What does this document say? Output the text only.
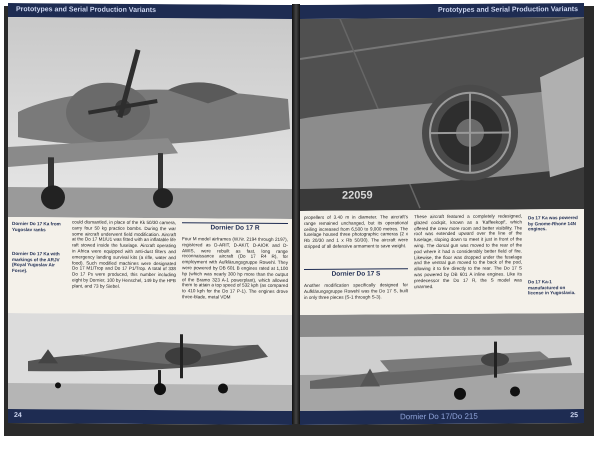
Prototypes and Serial Production Variants
Dornier Do 17 Ka from Yugoslav ranks
Dornier Do 17 Ka with markings of the ARJV (Royal Yugoslav Air Force).
could dismantled, in place of the Kk 50/30 camera, carry four 50 kg practice bombs. During the war some aircraft underwent field modification. Aircraft at the Do 17 M1/U1 was fitted with an inflatable life raft stowed inside the fuselage. Aircraft operating in Africa were equipped with anti-dust filters and emergency landing survival kits (a rifle, water and food). Such modified machines were designated Do 17 M1/Trop and Do 17 P1/Trop. A total of 338 Do 17 Ps were produced, this number including eight by Dornier, 100 by Henschel, 149 by the HFB plant, and 73 by Siebel.
Dornier Do 17 R
Four M model airframes (W.Nr. 2194 through 2197), registered as D-ARIT, D-AKIT, D-AIOK and D-AWIS, were rebuilt as fast, long range reconnaissance aircraft (Do 17 R4 R), for employment with Aufklärungsgruppe Rowehl. They were powered by DB 601 B engines rated at 1,100 hp (which was nearly 300 hp more than the output of the Bramo 323 A-1 powerplant), which allowed them to attain a top speed of 532 kph (as compared to 410 kph for the Do 17 P-1). The engines drove three-blade, metal VDM
24
Prototypes and Serial Production Variants
22059
propellers of 3.40 m in diameter. The aircraft's range remained unchanged, but its operational ceiling increased from 6,500 to 9,000 metres. The fuselage housed three photographic cameras (2 x Rb 20/30 and 1 x Rb 50/30). The aircraft were stripped of all defensive armament to save weight.
Dornier Do 17 S
Another modification specifically designed for Aufklärungsgruppe Rowehl was the Do 17 S, built in only three pieces (S-1 through S-3).
These aircraft featured a completely redesigned, glazed cockpit, known as a 'Kaffeekopf', which offered the crew more room and better visibility. The roof was extended upward over the line of the fuselage, sloping down to meet it just in front of the wing. The dorsal gun was moved to the rear of the pod where it had a considerably better field of fire. Likewise, the floor was dropped under the fuselage and the ventral gun moved to the back of the pod, allowing it to fire directly to the rear. The Do 17 S was powered by DB 601 A inline engines. Like its predecessor the Do 17 R, the S model was unarmed.
Do 17 Ka was powered by Gnome-Rhone 14N engines.
Do 17 Ka-1 manufactured on license in Yugoslavia.
Dornier Do 17/Do 215	25
